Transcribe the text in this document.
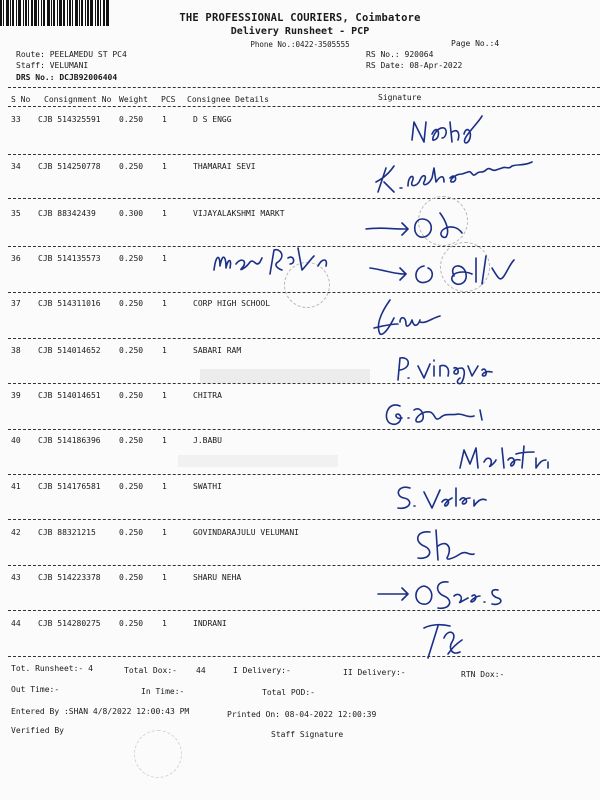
THE PROFESSIONAL COURIERS, Coimbatore
Delivery Runsheet - PCP
Phone No.:0422-3505555	Page No.:4
Route: PEELAMEDU ST PC4
Staff: VELUMANI
DRS No.: DCJB92006404
RS No.: 920064
RS Date: 08-Apr-2022
S No Consignment No Weight PCS Consignee Details	Signature
33 CJB 514325591 0.250 1	D S ENGG
34 CJB 514250778 0.250 1	THAMARAI SEVI
35 CJB 88342439	0.300 1	VIJAYALAKSHMI MARKT
36 CJB 514135573 0.250 1
37 CJB 514311016 0.250 1	CORP HIGH SCHOOL
38 CJB 514014652 0.250 1	SABARI RAM
39 CJB 514014651 0.250 1	CHITRA
40 CJB 514186396 0.250 1	J.BABU
41 CJB 514176581 0.250 1	SWATHI
42 CJB 88321215	0.250 1	GOVINDARAJULU VELUMANI
43 CJB 514223378 0.250 1	SHARU NEHA
44 CJB 514280275 0.250 1	INDRANI
Tot. Runsheet:- 4	Total Dox:- 44	I Delivery:-	II Delivery:-	RTN Dox:-
Out Time:-	In Time:-	Total POD:-
Entered By :SHAN 4/8/2022 12:00:43 PM	Printed On: 08-04-2022 12:00:39
Verified By	Staff Signature
